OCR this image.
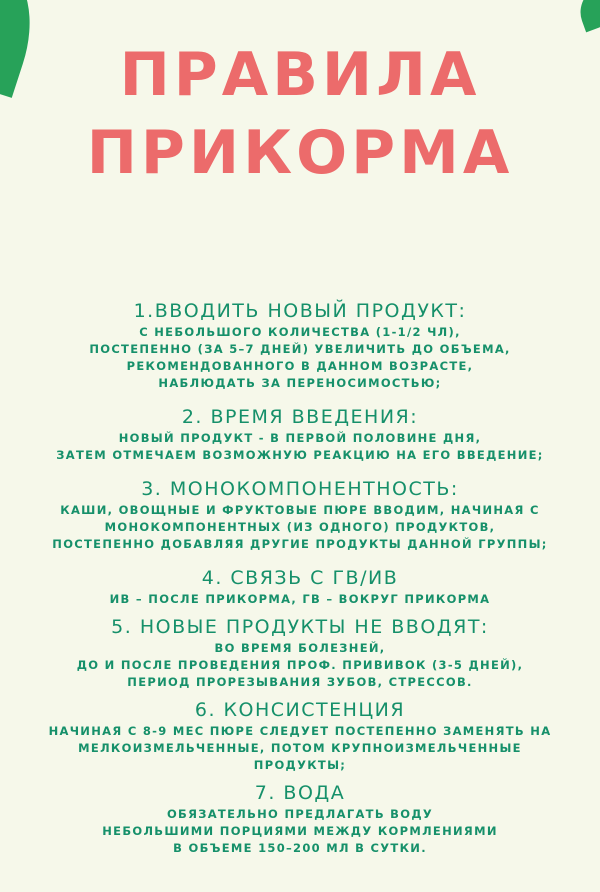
ПРАВИЛА
ПРИКОРМА
1.ВВОДИТЬ НОВЫЙ ПРОДУКТ:
С НЕБОЛЬШОГО КОЛИЧЕСТВА (1-1/2 ЧЛ),
ПОСТЕПЕННО (ЗА 5–7 ДНЕЙ) УВЕЛИЧИТЬ ДО ОБЪЕМА,
РЕКОМЕНДОВАННОГО В ДАННОМ ВОЗРАСТЕ,
НАБЛЮДАТЬ ЗА ПЕРЕНОСИМОСТЬЮ;
2. ВРЕМЯ ВВЕДЕНИЯ:
НОВЫЙ ПРОДУКТ - В ПЕРВОЙ ПОЛОВИНЕ ДНЯ,
ЗАТЕМ ОТМЕЧАЕМ ВОЗМОЖНУЮ РЕАКЦИЮ НА ЕГО ВВЕДЕНИЕ;
3. МОНОКОМПОНЕНТНОСТЬ:
КАШИ, ОВОЩНЫЕ И ФРУКТОВЫЕ ПЮРЕ ВВОДИМ, НАЧИНАЯ С
МОНОКОМПОНЕНТНЫХ (ИЗ ОДНОГО) ПРОДУКТОВ,
ПОСТЕПЕННО ДОБАВЛЯЯ ДРУГИЕ ПРОДУКТЫ ДАННОЙ ГРУППЫ;
4. СВЯЗЬ С ГВ/ИВ
ИВ – ПОСЛЕ ПРИКОРМА, ГВ – ВОКРУГ ПРИКОРМА
5. НОВЫЕ ПРОДУКТЫ НЕ ВВОДЯТ:
ВО ВРЕМЯ БОЛЕЗНЕЙ,
ДО И ПОСЛЕ ПРОВЕДЕНИЯ ПРОФ. ПРИВИВОК (3-5 ДНЕЙ),
ПЕРИОД ПРОРЕЗЫВАНИЯ ЗУБОВ, СТРЕССОВ.
6. КОНСИСТЕНЦИЯ
НАЧИНАЯ С 8-9 МЕС ПЮРЕ СЛЕДУЕТ ПОСТЕПЕННО ЗАМЕНЯТЬ НА
МЕЛКОИЗМЕЛЬЧЕННЫЕ, ПОТОМ КРУПНОИЗМЕЛЬЧЕННЫЕ
ПРОДУКТЫ;
7. ВОДА
ОБЯЗАТЕЛЬНО ПРЕДЛАГАТЬ ВОДУ
НЕБОЛЬШИМИ ПОРЦИЯМИ МЕЖДУ КОРМЛЕНИЯМИ
В ОБЪЕМЕ 150–200 МЛ В СУТКИ.
